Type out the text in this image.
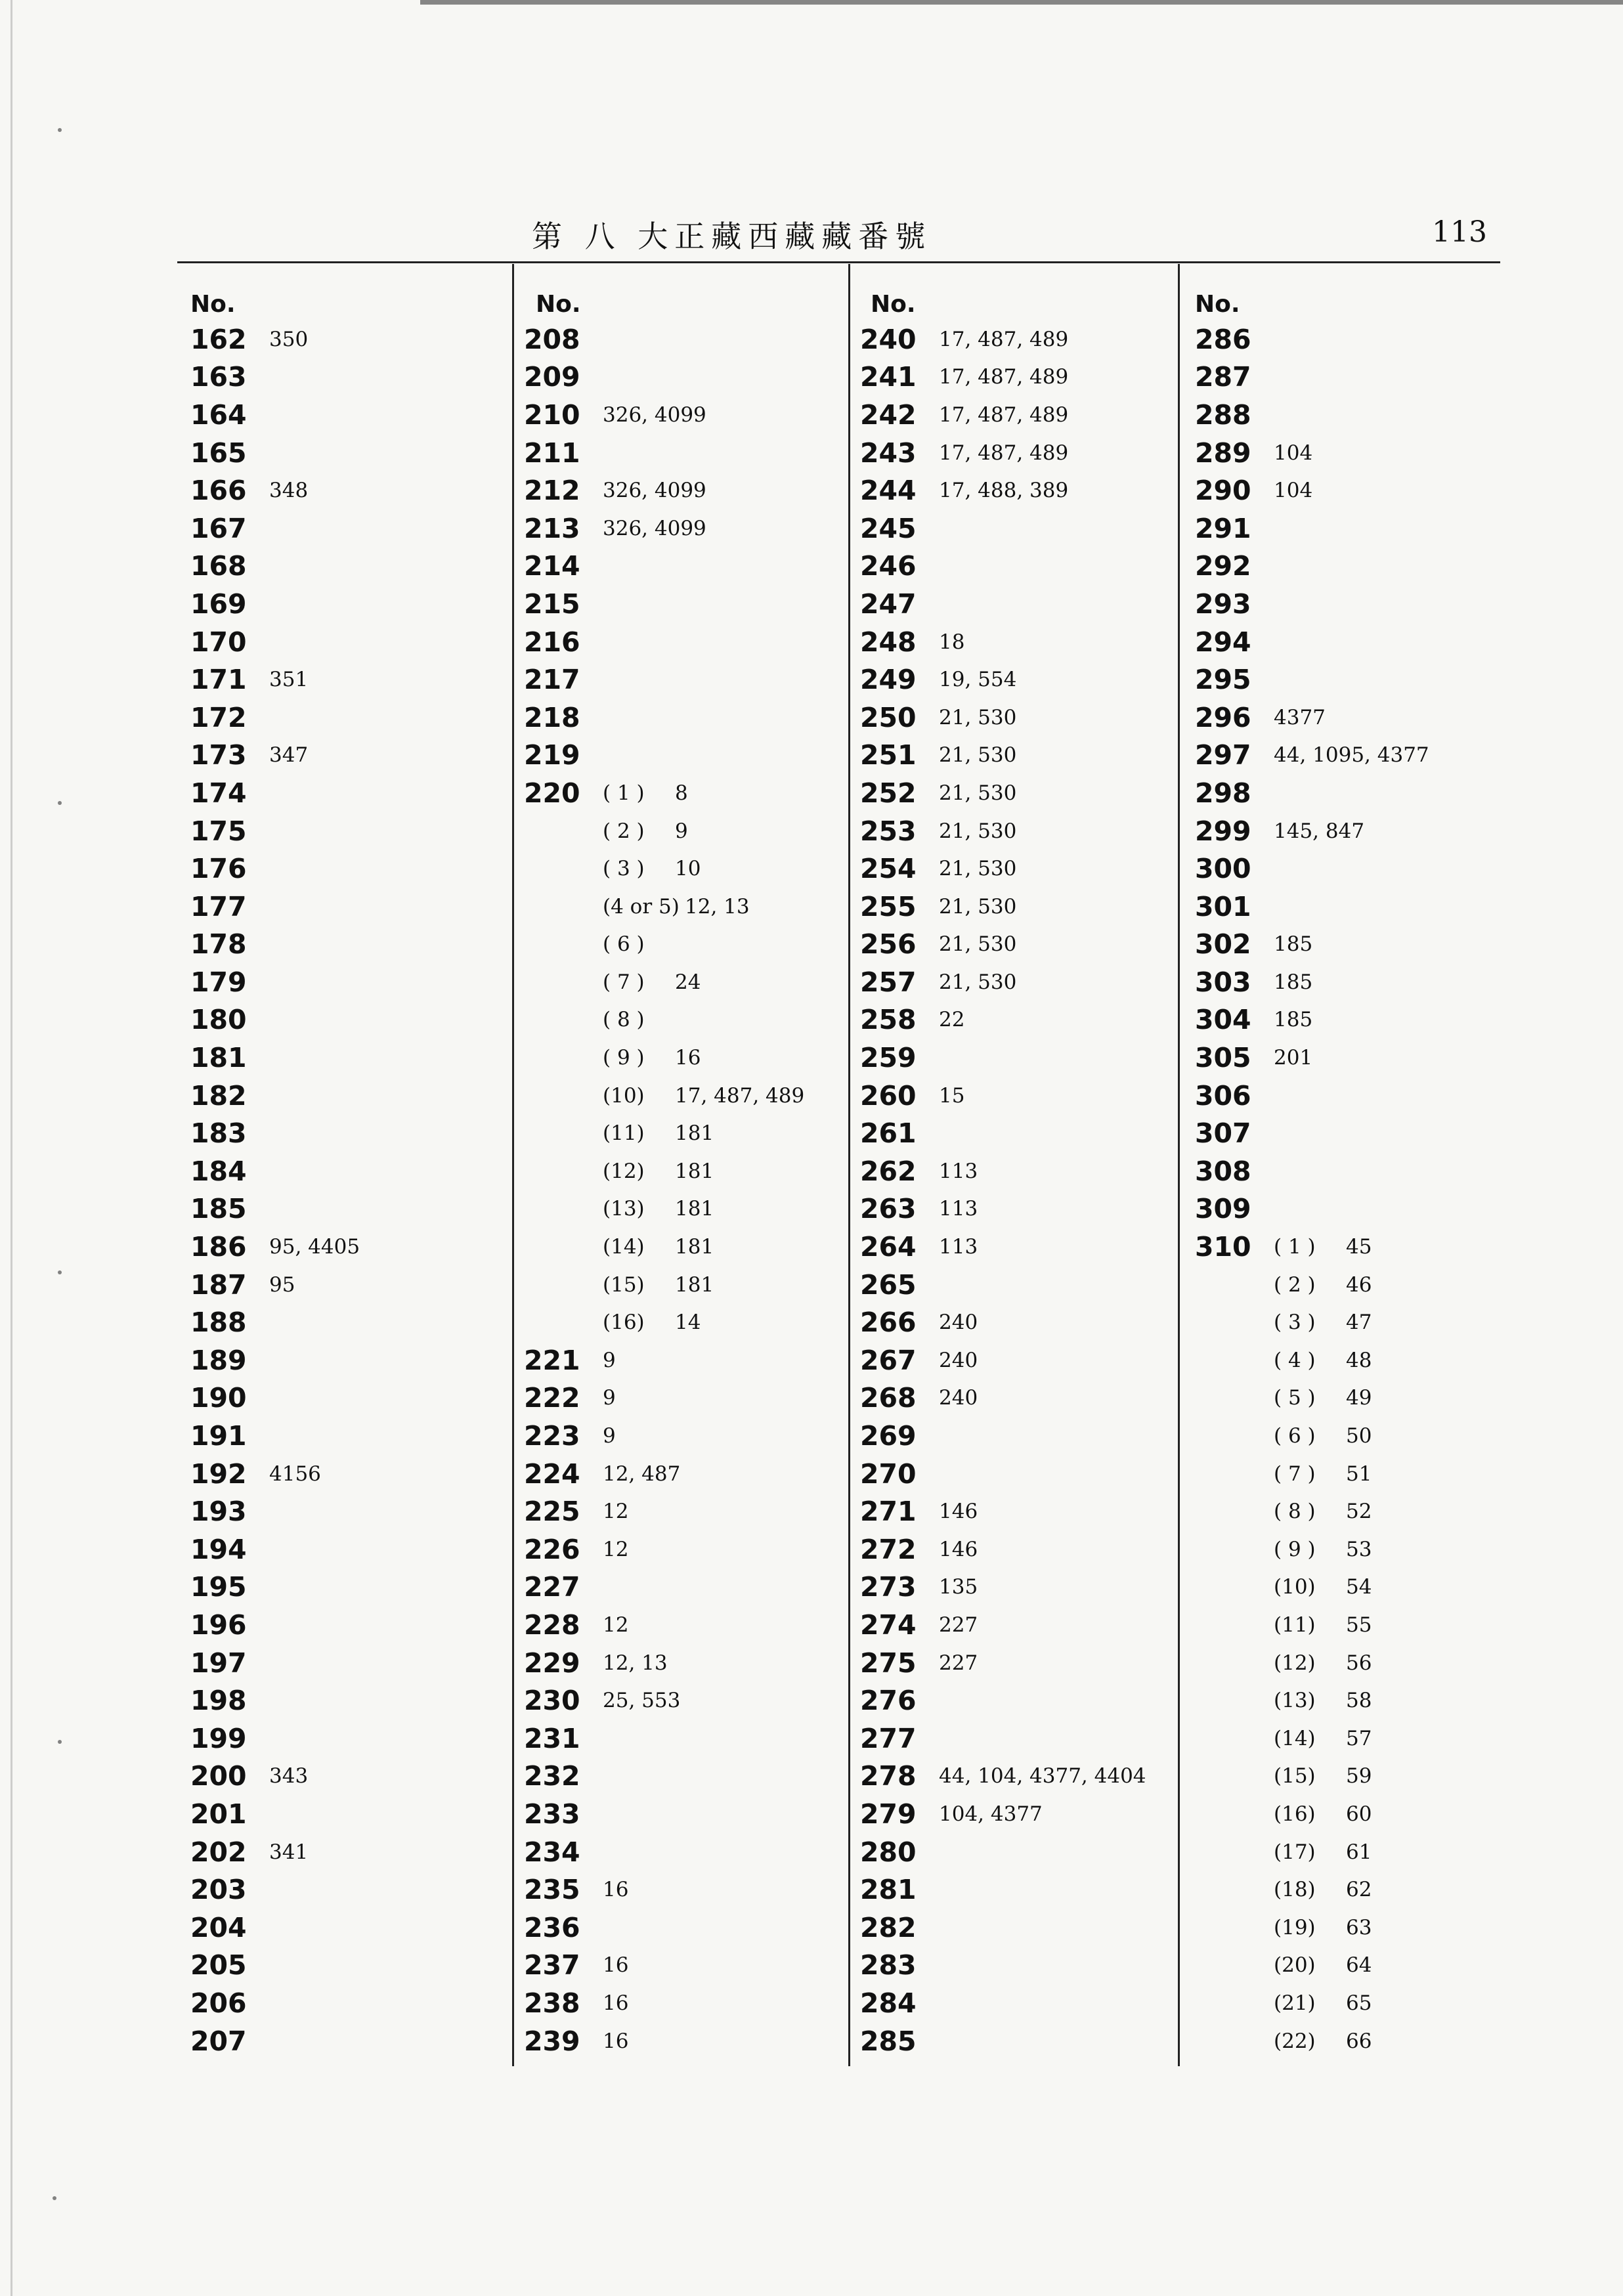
第 八 大正藏西藏藏番號	113
No.
162	350
163
164
165
166	348
167
168
169
170
171	351
172
173	347
174
175
176
177
178
179
180
181
182
183
184
185
186	95, 4405
187	95
188
189
190
191
192	4156
193
194
195
196
197
198
199
200	343
201
202	341
203
204
205
206
207
No.
208
209
210	326, 4099
211
212	326, 4099
213	326, 4099
214
215
216
217
218
219
220	( 1 )	8
( 2 )	9
( 3 )	10
(4 or 5) 12, 13
( 6 )
( 7 )	24
( 8 )
( 9 )	16
(10)	17, 487, 489
(11)	181
(12)	181
(13)	181
(14)	181
(15)	181
(16)	14
221	9
222	9
223	9
224	12, 487
225	12
226	12
227
228	12
229	12, 13
230	25, 553
231
232
233
234
235	16
236
237	16
238	16
239	16
No.
240	17, 487, 489
241	17, 487, 489
242	17, 487, 489
243	17, 487, 489
244	17, 488, 389
245
246
247
248	18
249	19, 554
250	21, 530
251	21, 530
252	21, 530
253	21, 530
254	21, 530
255	21, 530
256	21, 530
257	21, 530
258	22
259
260	15
261
262	113
263	113
264	113
265
266	240
267	240
268	240
269
270
271	146
272	146
273	135
274	227
275	227
276
277
278	44, 104, 4377, 4404
279	104, 4377
280
281
282
283
284
285
No.
286
287
288
289	104
290	104
291
292
293
294
295
296	4377
297	44, 1095, 4377
298
299	145, 847
300
301
302	185
303	185
304	185
305	201
306
307
308
309
310	( 1 )	45
( 2 )	46
( 3 )	47
( 4 )	48
( 5 )	49
( 6 )	50
( 7 )	51
( 8 )	52
( 9 )	53
(10)	54
(11)	55
(12)	56
(13)	58
(14)	57
(15)	59
(16)	60
(17)	61
(18)	62
(19)	63
(20)	64
(21)	65
(22)	66
